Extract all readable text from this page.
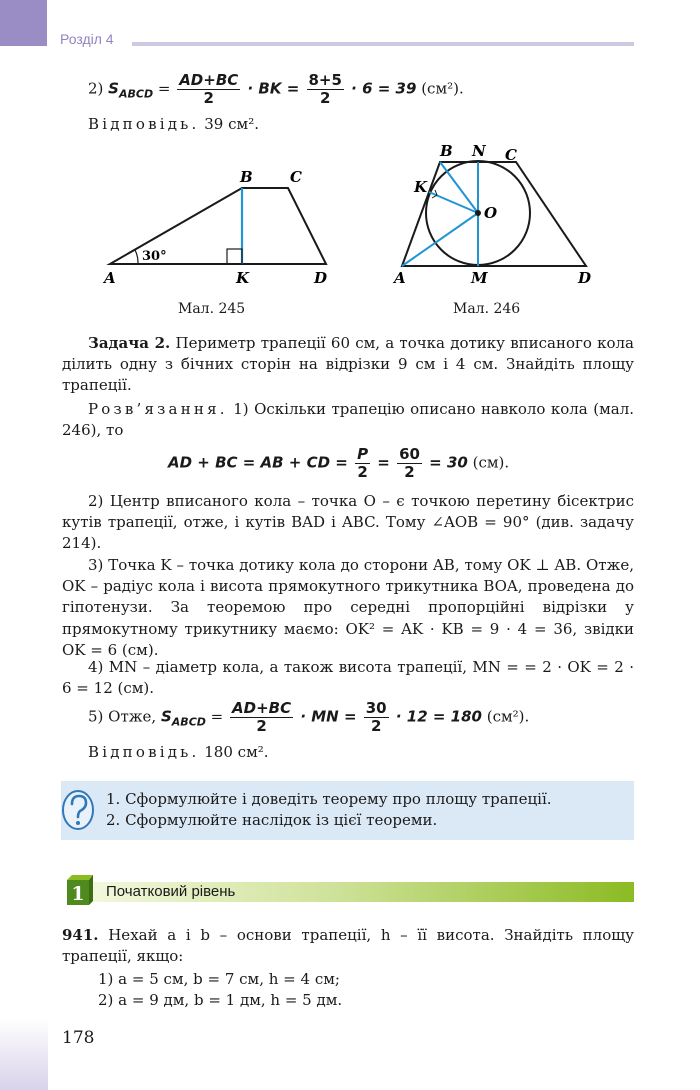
Розділ 4
2) $S_{ABCD} = \frac{AD+BC}{2}$ · BK = $\frac{8+5}{2} \cdot 6 = 39$ (см²).
Відповідь. 39 см².
A
B C
K	D
30°
Мал. 245
A
B N C
K
O
M	D
Мал. 246
Задача 2. Периметр трапеції 60 см, а точка дотику вписаного кола ділить одну з бічних сторін на відрізки 9 см і 4 см. Знайдіть площу трапеції.
Розв’язання. 1) Оскільки трапецію описано навколо кола (мал. 246), то
AD + BC = AB + CD = $\frac{P}{2} = \frac{60}{2} = 30$ (см).
2) Центр вписаного кола – точка O – є точкою перетину бісектрис кутів трапеції, отже, і кутів BAD і ABC. Тому ∠AOB = 90° (див. задачу 214).
3) Точка K – точка дотику кола до сторони AB, тому OK ⊥ AB. Отже, OK – радіус кола і висота прямокутного трикутника BOA, проведена до гіпотенузи. За теоремою про середні пропорційні відрізки у прямокутному трикутнику маємо: OK² = AK · KB = 9 · 4 = 36, звідки OK = 6 (см).
4) MN – діаметр кола, а також висота трапеції, MN = = 2 · OK = 2 · 6 = 12 (см).
5) Отже, $S_{ABCD} = \frac{AD+BC}{2}$ · MN = $\frac{30}{2} \cdot 12 = 180$ (см²).
Відповідь. 180 см².
1. Сформулюйте і доведіть теорему про площу трапеції.
2. Сформулюйте наслідок із цієї теореми.
1 Початковий рівень
941. Нехай a і b – основи трапеції, h – її висота. Знайдіть площу трапеції, якщо:
1) a = 5 см, b = 7 см, h = 4 см;
2) a = 9 дм, b = 1 дм, h = 5 дм.
178
